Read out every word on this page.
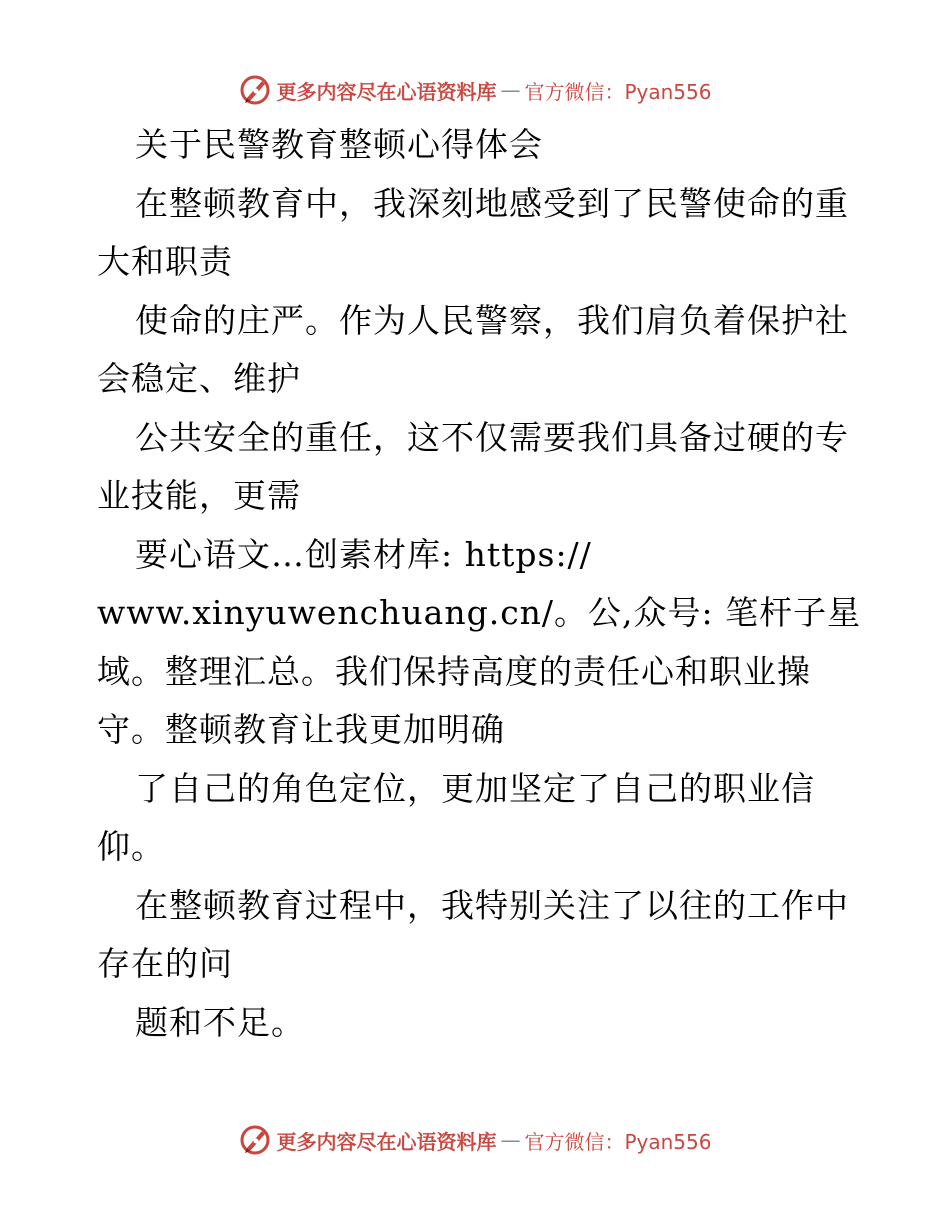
更多内容尽在心语资料库 — 官方微信：Pyan556
关于民警教育整顿心得体会
在整顿教育中，我深刻地感受到了民警使命的重
大和职责
使命的庄严。作为人民警察，我们肩负着保护社
会稳定、维护
公共安全的重任，这不仅需要我们具备过硬的专
业技能，更需
要心语文…创素材库: https://
www.xinyuwenchuang.cn/。公,众号: 笔杆子星
域。整理汇总。我们保持高度的责任心和职业操
守。整顿教育让我更加明确
了自己的角色定位，更加坚定了自己的职业信
仰。
在整顿教育过程中，我特别关注了以往的工作中
存在的问
题和不足。
更多内容尽在心语资料库 — 官方微信：Pyan556
